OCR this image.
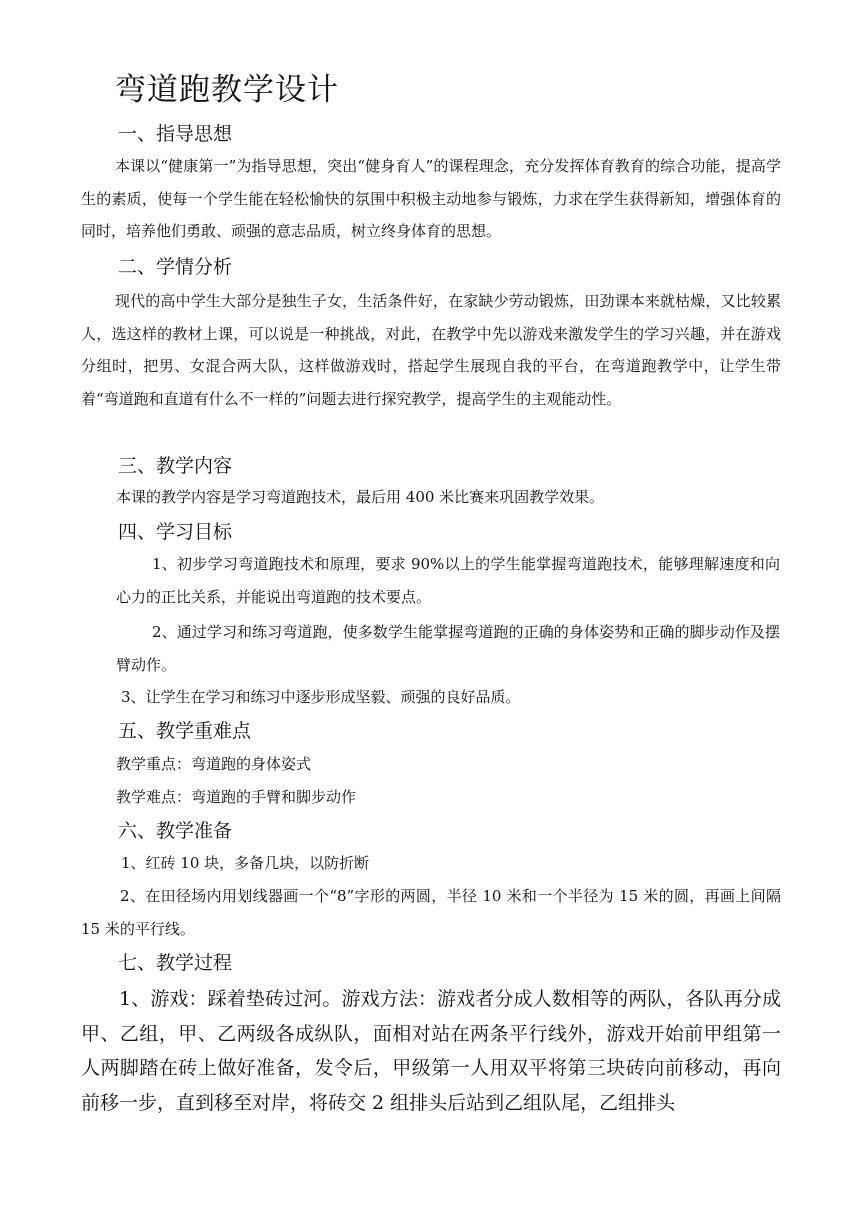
弯道跑教学设计
一、指导思想
本课以“健康第一”为指导思想，突出“健身育人”的课程理念，充分发挥体育教育的综合功能，提高学生的素质，使每一个学生能在轻松愉快的氛围中积极主动地参与锻炼，力求在学生获得新知，增强体育的同时，培养他们勇敢、顽强的意志品质，树立终身体育的思想。
二、学情分析
现代的高中学生大部分是独生子女，生活条件好，在家缺少劳动锻炼，田劲课本来就枯燥，又比较累人，选这样的教材上课，可以说是一种挑战，对此，在教学中先以游戏来激发学生的学习兴趣，并在游戏分组时，把男、女混合两大队，这样做游戏时，搭起学生展现自我的平台，在弯道跑教学中，让学生带着“弯道跑和直道有什么不一样的”问题去进行探究教学，提高学生的主观能动性。
三、教学内容
本课的教学内容是学习弯道跑技术，最后用 400 米比赛来巩固教学效果。
四、学习目标
1、初步学习弯道跑技术和原理，要求 90%以上的学生能掌握弯道跑技术，能够理解速度和向心力的正比关系，并能说出弯道跑的技术要点。
2、通过学习和练习弯道跑，使多数学生能掌握弯道跑的正确的身体姿势和正确的脚步动作及摆臂动作。
3、让学生在学习和练习中逐步形成坚毅、顽强的良好品质。
五、教学重难点
教学重点：弯道跑的身体姿式
教学难点：弯道跑的手臂和脚步动作
六、教学准备
1、红砖 10 块，多备几块，以防折断
2、在田径场内用划线器画一个“8”字形的两圆，半径 10 米和一个半径为 15 米的圆，再画上间隔 15 米的平行线。
七、教学过程
1、游戏：踩着垫砖过河。游戏方法：游戏者分成人数相等的两队，各队再分成甲、乙组，甲、乙两级各成纵队，面相对站在两条平行线外，游戏开始前甲组第一人两脚踏在砖上做好准备，发令后，甲级第一人用双平将第三块砖向前移动，再向前移一步，直到移至对岸，将砖交 2 组排头后站到乙组队尾，乙组排头
